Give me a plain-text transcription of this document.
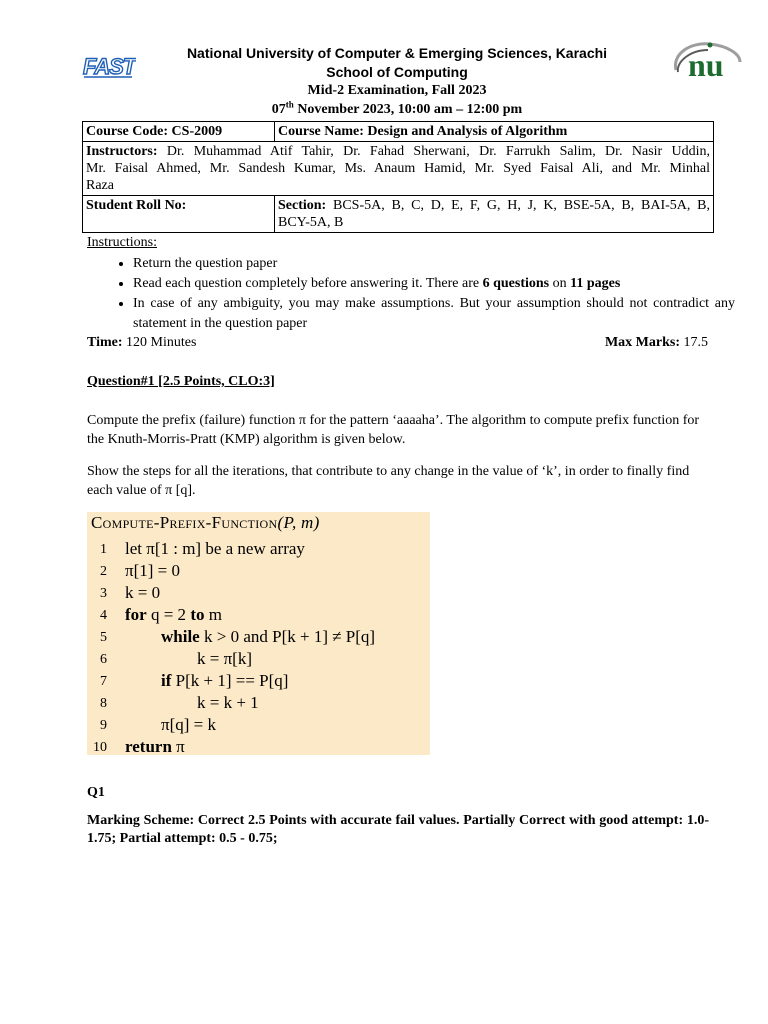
FAST	nu
National University of Computer & Emerging Sciences, Karachi
School of Computing
Mid-2 Examination, Fall 2023
07th November 2023, 10:00 am – 12:00 pm
Course Code: CS-2009	Course Name: Design and Analysis of Algorithm

Instructors: Dr. Muhammad Atif Tahir, Dr. Fahad Sherwani, Dr. Farrukh Salim, Dr. Nasir Uddin,
Mr. Faisal Ahmed, Mr. Sandesh Kumar, Ms. Anaum Hamid, Mr. Syed Faisal Ali, and Mr. Minhal
Raza	

Student Roll No:	Section: BCS-5A, B, C, D, E, F, G, H, J, K, BSE-5A, B, BAI-5A, B,
BCY-5A, B
Instructions:
• Return the question paper
• Read each question completely before answering it. There are 6 questions on 11 pages
• In case of any ambiguity, you may make assumptions. But your assumption should not contradict any statement in the question paper
Time: 120 Minutes	Max Marks: 17.5
Question#1 [2.5 Points, CLO:3]
Compute the prefix (failure) function π for the pattern ‘aaaaha’. The algorithm to compute prefix function for the Knuth-Morris-Pratt (KMP) algorithm is given below.
Show the steps for all the iterations, that contribute to any change in the value of ‘k’, in order to finally find each value of π [q].
Compute-Prefix-Function(P, m)
1 let π[1 : m] be a new array
2 π[1] = 0
3 k = 0
4 for q = 2 to m
5	while k > 0 and P[k + 1] ≠ P[q]
6	k = π[k]
7	if P[k + 1] == P[q]
8	k = k + 1
9	π[q] = k
10 return π
Q1
Marking Scheme: Correct 2.5 Points with accurate fail values. Partially Correct with good attempt: 1.0-1.75; Partial attempt: 0.5 - 0.75;
